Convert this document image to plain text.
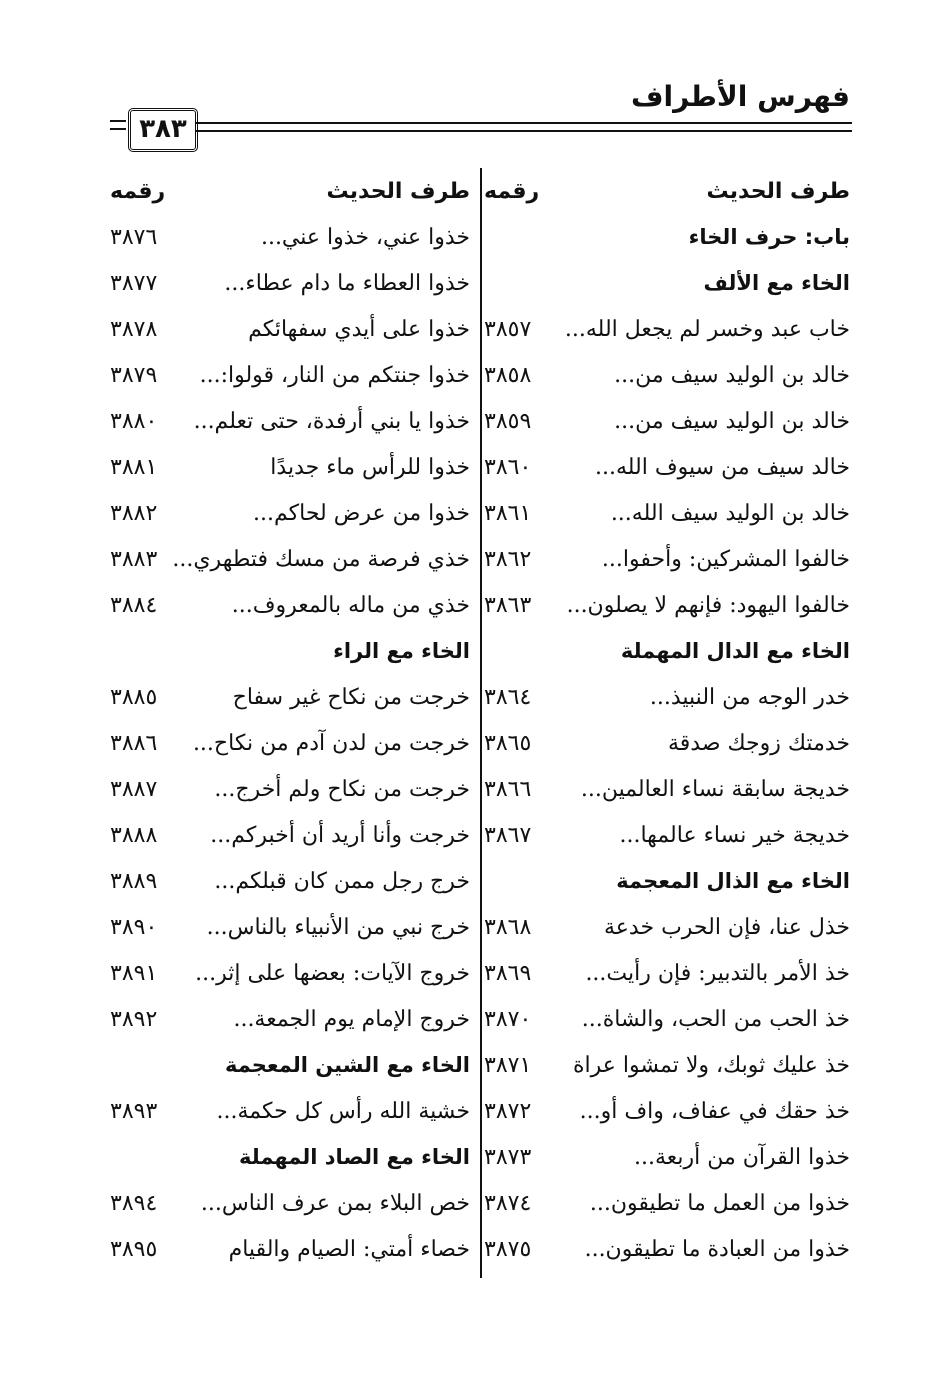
فهرس الأطراف
٣٨٣
طرف الحديث
رقمه
باب: حرف الخاء
الخاء مع الألف
خاب عبد وخسر لم يجعل الله...
٣٨٥٧
خالد بن الوليد سيف من...
٣٨٥٨
خالد بن الوليد سيف من...
٣٨٥٩
خالد سيف من سيوف الله...
٣٨٦٠
خالد بن الوليد سيف الله...
٣٨٦١
خالفوا المشركين: وأحفوا...
٣٨٦٢
خالفوا اليهود: فإنهم لا يصلون...
٣٨٦٣
الخاء مع الدال المهملة
خدر الوجه من النبيذ...
٣٨٦٤
خدمتك زوجك صدقة
٣٨٦٥
خديجة سابقة نساء العالمين...
٣٨٦٦
خديجة خير نساء عالمها...
٣٨٦٧
الخاء مع الذال المعجمة
خذل عنا، فإن الحرب خدعة
٣٨٦٨
خذ الأمر بالتدبير: فإن رأيت...
٣٨٦٩
خذ الحب من الحب، والشاة...
٣٨٧٠
خذ عليك ثوبك، ولا تمشوا عراة
٣٨٧١
خذ حقك في عفاف، واف أو...
٣٨٧٢
خذوا القرآن من أربعة...
٣٨٧٣
خذوا من العمل ما تطيقون...
٣٨٧٤
خذوا من العبادة ما تطيقون...
٣٨٧٥
طرف الحديث
رقمه
خذوا عني، خذوا عني...
٣٨٧٦
خذوا العطاء ما دام عطاء...
٣٨٧٧
خذوا على أيدي سفهائكم
٣٨٧٨
خذوا جنتكم من النار، قولوا:...
٣٨٧٩
خذوا يا بني أرفدة، حتى تعلم...
٣٨٨٠
خذوا للرأس ماء جديدًا
٣٨٨١
خذوا من عرض لحاكم...
٣٨٨٢
خذي فرصة من مسك فتطهري...
٣٨٨٣
خذي من ماله بالمعروف...
٣٨٨٤
الخاء مع الراء
خرجت من نكاح غير سفاح
٣٨٨٥
خرجت من لدن آدم من نكاح...
٣٨٨٦
خرجت من نكاح ولم أخرج...
٣٨٨٧
خرجت وأنا أريد أن أخبركم...
٣٨٨٨
خرج رجل ممن كان قبلكم...
٣٨٨٩
خرج نبي من الأنبياء بالناس...
٣٨٩٠
خروج الآيات: بعضها على إثر...
٣٨٩١
خروج الإمام يوم الجمعة...
٣٨٩٢
الخاء مع الشين المعجمة
خشية الله رأس كل حكمة...
٣٨٩٣
الخاء مع الصاد المهملة
خص البلاء بمن عرف الناس...
٣٨٩٤
خصاء أمتي: الصيام والقيام
٣٨٩٥
